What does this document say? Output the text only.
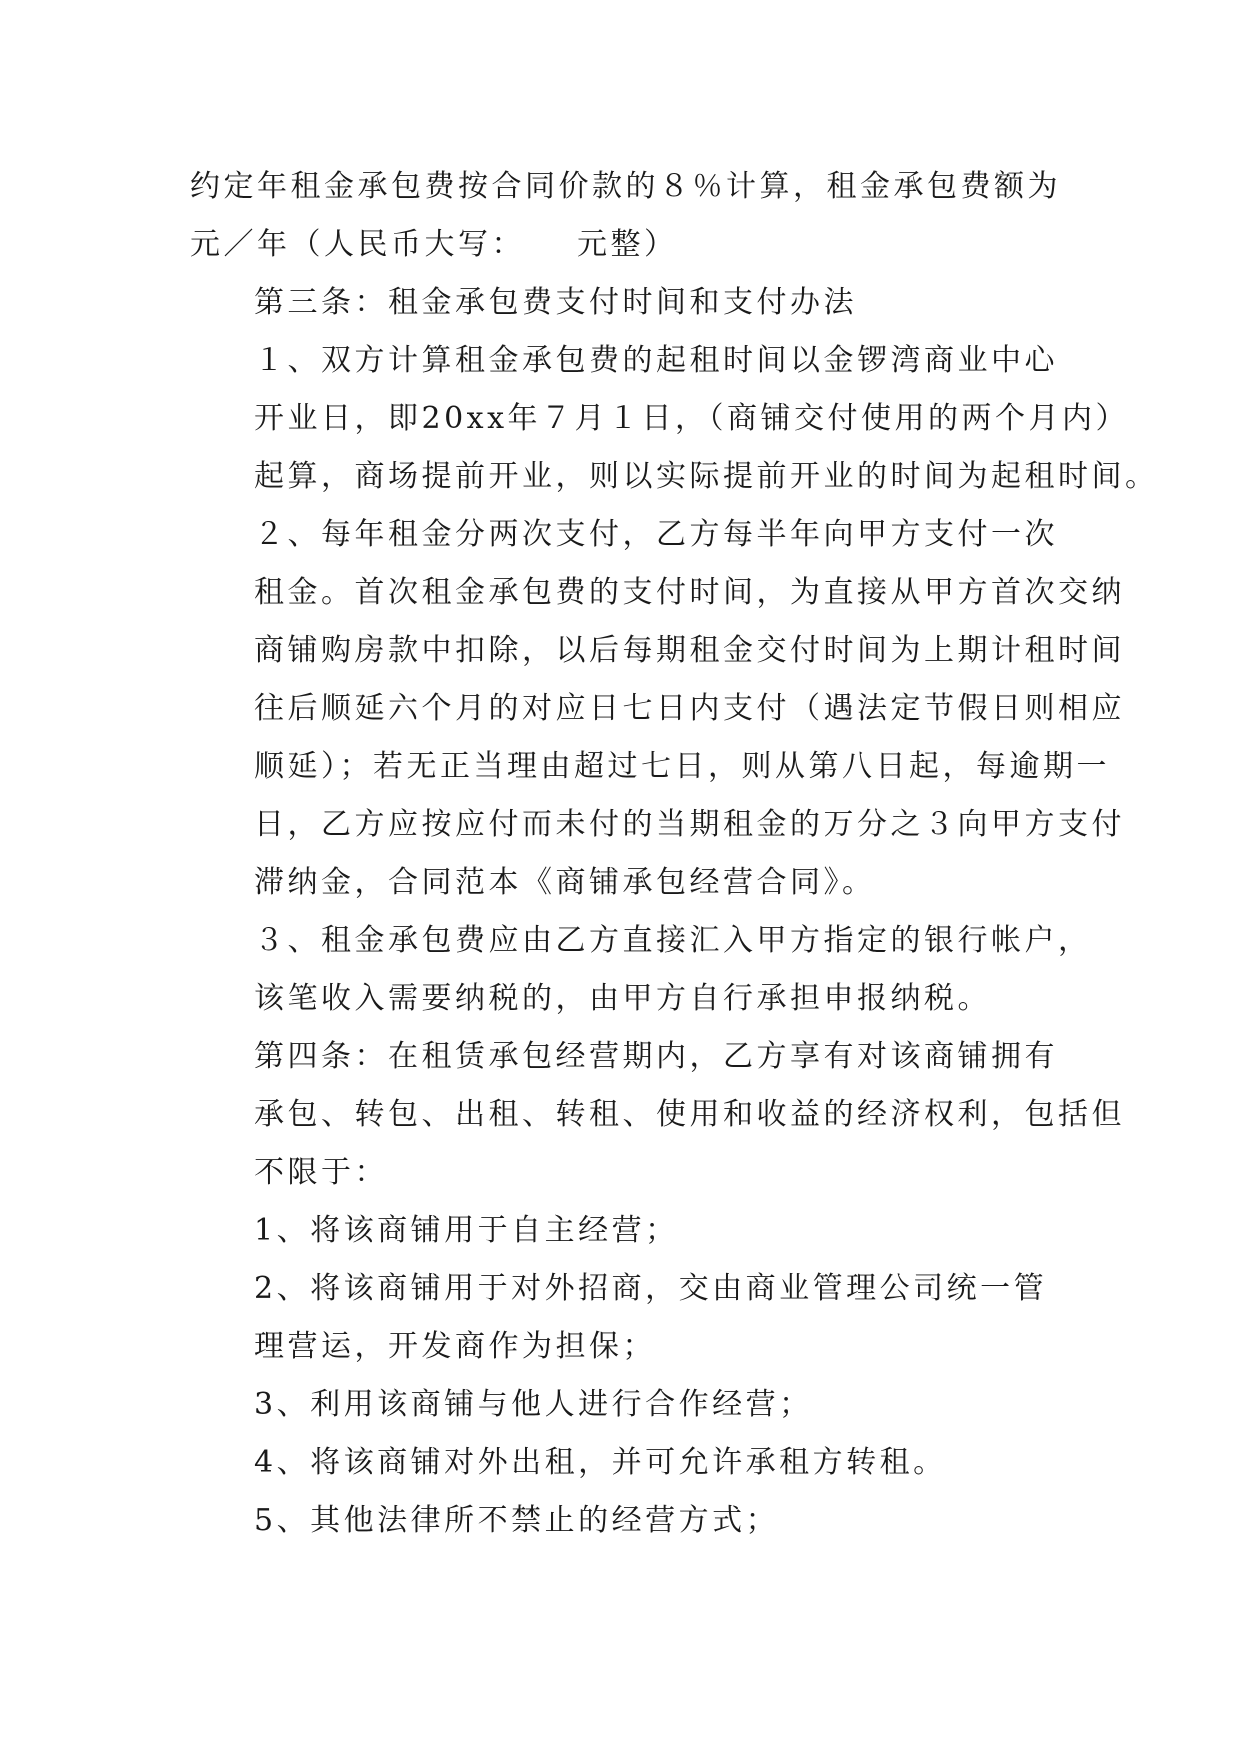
约定年租金承包费按合同价款的８％计算，租金承包费额为
元／年（人民币大写：　　元整）

第三条：租金承包费支付时间和支付办法

１、双方计算租金承包费的起租时间以金锣湾商业中心
开业日，即20xx年７月１日，（商铺交付使用的两个月内）
起算，商场提前开业，则以实际提前开业的时间为起租时间。

２、每年租金分两次支付，乙方每半年向甲方支付一次
租金。首次租金承包费的支付时间，为直接从甲方首次交纳
商铺购房款中扣除，以后每期租金交付时间为上期计租时间
往后顺延六个月的对应日七日内支付（遇法定节假日则相应
顺延）；若无正当理由超过七日，则从第八日起，每逾期一
日，乙方应按应付而未付的当期租金的万分之３向甲方支付
滞纳金，合同范本《商铺承包经营合同》。

３、租金承包费应由乙方直接汇入甲方指定的银行帐户，
该笔收入需要纳税的，由甲方自行承担申报纳税。

第四条：在租赁承包经营期内，乙方享有对该商铺拥有
承包、转包、出租、转租、使用和收益的经济权利，包括但
不限于：

1、将该商铺用于自主经营；

2、将该商铺用于对外招商，交由商业管理公司统一管
理营运，开发商作为担保；

3、利用该商铺与他人进行合作经营；

4、将该商铺对外出租，并可允许承租方转租。

5、其他法律所不禁止的经营方式；
